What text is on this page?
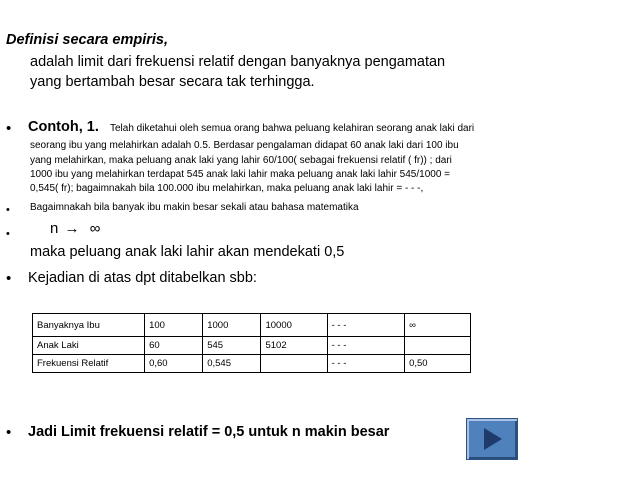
Definisi secara empiris,
adalah limit dari frekuensi relatif dengan banyaknya pengamatan
yang bertambah besar secara tak terhingga.
• Contoh, 1. Telah diketahui oleh semua orang bahwa peluang kelahiran seorang anak laki dari
seorang ibu yang melahirkan adalah 0.5. Berdasar pengalaman didapat 60 anak laki dari 100 ibu
yang melahirkan, maka peluang anak laki yang lahir 60/100( sebagai frekuensi relatif ( fr)) ; dari
1000 ibu yang melahirkan terdapat 545 anak laki lahir maka peluang anak laki lahir 545/1000 =
0,545( fr); bagaimnakah bila 100.000 ibu melahirkan, maka peluang anak laki lahir = - - -,
• Bagaimnakah bila banyak ibu makin besar sekali atau bahasa matematika
•	n → ∞
maka peluang anak laki lahir akan mendekati 0,5
• Kejadian di atas dpt ditabelkan sbb:
Banyaknya Ibu	100	1000	10000	- - -	∞
Anak Laki	60	545	5102	- - -	
Frekuensi Relatif	0,60	0,545		- - -	0,50
• Jadi Limit frekuensi relatif = 0,5 untuk n makin besar
